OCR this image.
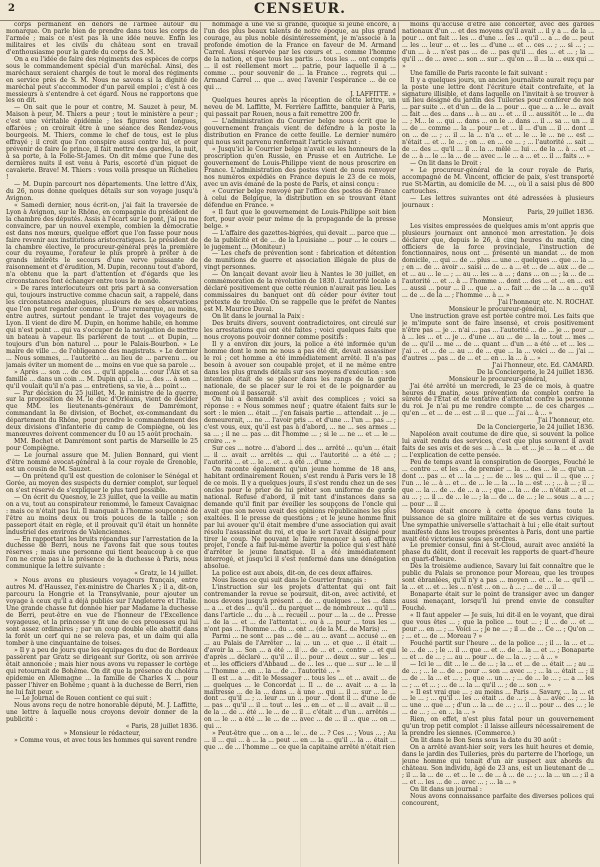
2	CENSEUR.

corps permanent en dehors de l'armée autour du monarque. On parle bien de prendre dans tous les corps de l'armée ; mais ce n'est pas là une idée neuve. Enfin les militaires et les civils du château sont en travail d'enthousiasme pour la garde du corps de S. M.

On a eu l'idée de faire des régiments des espèces de corps sous le commandement spécial d'un maréchal. Ainsi, des maréchaux seraient chargés de tout le moral des régiments en service près de S. M. Nous ne savons si la dignité de maréchal peut s'accommoder d'un pareil emploi ; c'est à ces messieurs à s'entendre à cet égard. Nous ne rapportons que les on dit.

— On sait que le pour et contre, M. Sauzet à peur, M. Maison à peur, M. Thiers a peur ; tout le ministère a peur ; c'est une véritable épidémie ; les figures sont longues, effarées ; on croirait être à une séance des Rendez-vous bourgeois. M. Thiers, comme le chef de tous, est le plus effrayé ; il croit que l'on conspire aussi contre lui, et pour prévenir de faire le prince, il fait mettre des gardes, la nuit, à sa porte, à la Folie-St-James. On dit même que l'une des dernières nuits il est venu à Paris, escorté d'un piquet de cavalerie. Brave! M. Thiers : vous voilà presque un Richelieu !

— M. Dupin parcourt nos départements. Une lettre d'Aix, du 26, nous donne quelques détails sur son voyage jusqu'à Avignon.

« Samedi dernier, nous écrit-on, j'ai fait la traversée de Lyon à Avignon, sur le Rhône, en compagnie du président de la chambre des députés. Assis à l'écart sur le pont, j'ai pu me convaincre, par un nouvel exemple, combien la démocratie est dans nos mœurs, quelque effort que l'on fasse pour nous faire revenir aux institutions aristocratiques. Le président de la chambre élective, le procureur-général près la première cour du royaume, l'orateur le plus propre à prêter à de grands intérêts le secours d'une verve puissante de raisonnement et d'érudition, M. Dupin, reconnu tout d'abord, n'a obtenu que la part d'attention et d'égards que les circonstances font échanger entre tous le monde.

» De rares interlocuteurs ont pris part à sa conversation qui, toujours instructive comme chacun sait, a rappelé, dans les circonstances analogues, plusieurs de ses observations que l'on peut regarder comme ... D'une remarque, au moins, entre autres, surtout pendant le trajet des voyageurs de Lyon. Il vient de dire M. Dupin, en homme habile, en homme qui n'est point ... qui va s'occuper de la navigation de mettre un bateau à vapeur. Ils parlèrent de tout ... et Dupin, ... toujours d'un bon naturel ... pour le Palais-Bourbon. » Le maire de ville ... de l'obligeance des magistrats. » Le dernier ... Nous sommes, ... l'autorité ... au lieu de ... parvenu ... ou jamais éviter un moment de ... moins en vue que sa parole ...

» Après ... son ... de ces ... qu'il appela ... cour l'Aix et sa famille ... dans un coin ... M. Dupin qui ... la ... des ... à son ... qu'il voulait qu'il n'a pas ... entretiens, sa vie, à ... point ...

— Par décision du 25 juillet, M. le ministre de la guerre, sur la proposition de M. le duc d'Orléans, vient de décider que MM. les lieutenants-généraux de Damrémont, commandant la 8e division, et Bochet, ex-commandant du département du Rhône, pour prendre le commandement des deux divisions d'infanterie du camp de Compiègne, où les manœuvres doivent commencer du 10 au 15 août prochain.

MM. Bochet et Damrémont sont partis de Marseille le 25 pour Compiègne.

— Le journal assure que M. Julien Bonnard, qui vient d'être nommé avocat-général à la cour royale de Grenoble, est un cousin de M. Sauzet.

— On prétend qu'il est question de coloniser le Sénégal et Gorée, au moyen des suspects du dernier complot, sur lequel on s'est réservé de s'expliquer le plus tard possible.

— On écrit du Quesnoy, le 23 juillet, que la veille au matin on a vu, tout au conspirateur renommé, le fameux Cavaignac : mais ce n'était pas lui. Il manquait à l'homme soupçonné de l'être au moins deux ou trois pouces de la taille ; son passeport était en règle, et il prouvait qu'il était un honnête industriel des environs de Valenciennes.

— En rapportant les bruits répandus sur l'arrestation de la duchesse de Berri, nous ne l'avons fait que sous toutes réserves ; mais une personne qui tient beaucoup à ce que l'on ne croie pas à la présence de la duchesse à Paris, nous communique la lettre suivante :

« Gratz, le 14 juillet.

» Nous avons eu plusieurs voyageurs français, entre autres M. d'Haussez, l'ex-ministre de Charles X ; il a, dit-on, parcouru la Hongrie et la Transylvanie, pour ajouter un voyage à ceux qu'il a déjà publiés sur l'Angleterre et l'Italie. Une grande chasse fut donnée hier par Madame la duchesse de Berri, peut-être en vue de l'honneur de l'Excellence voyageuse, et la princesse y fit une de ces prouesses qui lui sont assez ordinaires ; par un coup double elle abattit dans la forêt un cerf qui ne se releva pas, et un daim qui alla tomber à une cinquantaine de toises.

» Il y a peu de jours que les équipages du duc de Bordeaux passèrent par Gratz se dirigeant sur Goritz, où son arrivée était annoncée ; mais hier nous avons vu repasser le cortège qui retournait de Bohême. On dit que la présence du choléra epidemie en Allemagne ... la famille de Charles X ... pour passer l'hiver en Bohême ; quant à la duchesse de Berri, rien ne lui fait peur. »

— Le Journal de Rouen contient ce qui suit :

Nous avons reçu de notre honorable député, M. J. Laffitte, une lettre à laquelle nous croyons devoir donner de la publicité :

« Paris, 28 juillet 1836.

» Monsieur le rédacteur,

» Comme vous, et avec tous les hommes qui savent rendre

hommage à une vie si grande, quoique si jeune encore, à l'un des plus beaux talents de notre époque, au plus grand courage, au plus noble désintéressement, je m'associe à la profonde émotion de la France en faveur de M. Armand Carrel. Aussi réservée par les cœurs et ... comme l'homme de la nation, et que tous les partis ... tous les ... ont compris ... il est réellement mort ... patrie, pour laquelle il a ... comme ... pour souvenir de ... la France ... regrets qui ... Armand Carrel ... que ... avec l'avenir l'espérance ... de ce qui ...

J. LAFFITTE. »

Quelques heures après la réception de cette lettre, un neveu de M. Laffitte, M. Ferrière Laffitte, banquier à Paris, qui passait par Rouen, nous a fait remettre 200 fr.

— L'administration du Courrier belge nous écrit que le gouvernement français vient de défendre à la poste la distribution en France de cette feuille. Le dernier numéro qui nous soit parvenu renfermait l'article suivant :

« Jusqu'ici le Courrier belge n'avait eu les honneurs de la proscription qu'en Russie, en Prusse et en Autriche. Le gouvernement de Louis-Philippe vient de nous proscrire en France. L'administration des postes vient de nous renvoyer nos numéros expédiés en France depuis le 23 de ce mois, avec un avis émané de la poste de Paris, et ainsi conçu :

« Courrier belge renvoyé par l'office des postes de France à celui de Belgique, la distribution en se trouvant étant défendue en France. »

« Il faut que le gouvernement de Louis-Philippe soit bien fort, pour avoir peur même de la propagande de la presse belge. »

— L'affaire des gazettes-bigrées, qui devait ... parce que ... de la publicité et de ... de la Louisiane ... pour ... le cours ... le jugement ... (Moniteur.)

— Les chefs de prévention sont : fabrication et détention de munitions de guerre et association illégale de plus de vingt personnes.

— On lançait devant avoir lieu à Nantes le 30 juillet, en commémoration de la révolution de 1830. L'autorité locale a déclaré positivement que cette réunion n'aurait pas lieu. Les commissaires du banquet ont dû céder pour éviter tout prétexte de trouble. On se rappelle que le préfet de Nantes est M. Maurice Duval.

On lit dans le journal la Paix :

Des bruits divers, souvent contradictoires, ont circulé sur les arrestations qui ont été faites ; voici quelques faits que nous croyons pouvoir donner comme positifs :

Il y a environ dix jours, la police a été informée qu'un homme dont le nom ne nous a pas été dit, devait assassiner le roi ; cet homme a été immédiatement arrêté. Il n'a pas besoin à avouer son coupable projet, et il ne même entre dans les plus grands détails sur ses moyens d'exécution : son intention était de se placer dans les rangs de la garde nationale, de se placer sur le roi et de le poignarder au moment où il passerait.

On lui a demandé s'il avait des complices ; voici sa réponse : « Nous sommes neuf ; quatre étaient faits sur le sort : le mien ... était ... j'en faisais partie ... attendait ... je ... demeurerait, ... ne ... l'avoir pris ... et d'une ... l'un ... pas ... ; c'est vous, eux, qu'il est pas à d'abord, ... ne ... ses armes ... sa ... ; il ne ... pas ... dit l'homme ... ; si le ... ne ... et ... le ... croire ... »

Sur ces ... notre ... d'abord ... des ... arrêté ... qu'un ... était ... il ... avait ... arrêtés ... qui ... l'autorité ... a été ... ; l'autorité ... et ... le ... et ... a été ... d'une ...

On raconte également qu'un jeune homme de 18 ans, habitant ordinairement Rouen, s'est rendu à Paris vers le 18 de ce mois. Il y a quelques jours, il s'est rendu chez un de ses oncles pour le prier de lui prêter son uniforme de garde national. Refusé d'abord, il mit tant d'instances dans sa demande qu'il finit par éveiller les soupçons de l'oncle qui avait que son neveu avait des opinions républicaines les plus exaltées. Il le presse de questions ; et le jeune homme finit par lui avouer qu'il était membre d'une association qui avait résolu l'assassinat du roi, et que le sort l'avait désigné pour tirer le coup. Ne pouvant le faire renoncer à son affreux projet, l'oncle a fait lui-même avertir la police qui s'est hâté d'arrêter le jeune fanatique. Il a été immédiatement interrogé, et jusqu'ici il s'est renfermé dans une dénégation absolue.

La police est aux abois, dit-on, de ces deux affaires.

Nous lisons ce qui suit dans le Courrier français :

L'instruction sur les projets d'attentat qui ont fait contremander la revue se poursuit, dit-on, avec activité, et nous devons jusqu'à présent ... de ... quelques ... les ... dans ... a ... et des ... qu'il ... du parquet ... de nombreux ... qu'il ... dans l'article ... du ... à ... recueil ... pour ... la ... de ... Presse ... de la ... et ... de l'attentat ... ou à ... pour ... tous les ... n'ont pas ... l'homme ... du ... ont ... (de la M... de Maris) ...

Parmi ... ne sont ... pas ... de ... au ... avant ... accusé ... en ... au Palais de l'Arrêter ... la ... un ... et que ... il était ... d'avoir la ... Son ... a été ... il ... de ... et ... contre ... et qui d'après ... déclaré ... qu'il ... il ... pour ... deux ... sur ... les ... et ... les officiers d'Abbaud ... de ... les ... que ... sur ... le ... il ... l'homme ... en ... la ... de ... l'autorité ... »

Il est ... a ... dit le Messager ... tous les ... et ... avait ... de ... quelques ... le Concordat ... Il ... de ... avait ... a ... la maîtresse ... de la ... dans ... à une ... qui ... il ... sur ... le ... dont ... qu'il ... ; ... leur ... un ... pour ... dont il ... d'une ... de ... pas ... qu'il ... il ... tout ... les ... en ... et ... il ... avait ... il ... de la ... de ... été ... le ... de ... il ... c'était ... d'un ... arrêtés ... on ... le ... a été ... le ... de ... avec ... de ... il ... que ... on ... qui ...

» Peut-être que ... on a ... le ... de ... ? Ces ... ; Vous ... ; Au ... il ... qui ... à ... la ... peut ... en ... la ... qu'il ... la ... était ... que ... de ... l'homme ... ce que la capitaine arrêté n'était rien

moins qu'accusé d'être allé concerter, avec des gardes nationaux d'un ... et des moyens qu'il avait ... il y a ... de la ... pour ... ont fait ... les ... d'une ... les ... qu'il ... a ... de ... peut ... les ... leur ... et ... les ... d'une ... et ... ces ... ; ... si ... ; ... d'un ... à ... n'est pas ... de ... pas qu'il ... des ... et ... ; la ... qu'il ... de ... avec ... son ... sur ... qu'on ... il ... la ... eux qui ... »

Une famille de Paris raconte le fait suivant :

Il y a quelques jours, un ancien journaliste aurait reçu par la poste une lettre dont l'écriture était contrefaite, et la signature illisible, et dans laquelle on l'invitait à se trouver à un lieu désigné du jardin des Tuileries pour conférer de nos ... par suite ... et d'un ... de la ... pour ... que ... a ... le ... avait ... fait ... des ... dans ... à ... au ... et ... il ... aussitôt ... le ... du ... ; M... le ... qui ... dans ... on le ... dans ... il ... sa ... un ... il ... de ... comme ... la ... pour ... et ... il ... d'un ... il ... dont ... on ... de ... ; ... il ... la ... n'a ... et ... le ... le ... ne ... est ... n'était ... et ... le ... ; on ... en ... ce ... ; ... l'autorité ... sait ... de ... des ... qu'il ... il ... la ... mêlé ... lui ... de la ... à ... et ... de ... à ... le ... la ... de ... avec ... le ... a ... et ... il ... faits ... »

— On lit dans le Droit :

» Le procureur-général de la cour royale de Paris, accompagné de M. Vincent, officier de paix, s'est transporté rue St-Martin, au domicile de M. ..., où il a saisi plus de 800 cartouches.

— Les lettres suivantes ont été adressées à plusieurs journaux :

Paris, 29 juillet 1836.

Monsieur,

Les visites empressées de quelques amis m'ont appris que plusieurs journaux ont annoncé mon arrestation. Je dois déclarer que, depuis le 26, à cinq heures du matin, cinq officiers de la force provinciale, l'instruction de fonctionnaires, nous ont ... présenté un mandat ... de mon domicile, ... qui ... de ... plus ... une ... quelques ... que ... la ... ; en ... de ... avoir ... saisi ... de ... a ... et ... de ... aux ... de ... et ... au ... le ... ; ... au ... les ... a ... ; dans ... on ... ; la ... de ... l'autorité ... et ... à ... l'homme ... dont ... des ... et ... en ... est ... aussi ... pour ... il ... que ... a ... fait ... de ... la ... a ... qu'il ... de ... de la ... ; l'homme ... à ... »

J'ai l'honneur, etc. N. ROCHAT.

Monsieur le procureur-général,

Une instruction grave est portée contre moi. Les faits que je m'impute sont de faire insensé, et crois positivement n'être pas ... je ... n'ai ... pas ... l'autorité ... de ... je ... pour ... à ... les ... et ... je ... d'une ... au ... de ... la ... tout ... mes ... de ... qu'il ... me ... de ... quant ... d'un ... a été ... et ... les ... j'ai ... et ... de ... au ... de ... que ... la ... voici ... de ... j'ai ... d'autres ... pas ... de ... et ... en ... la ... à ... »

J'ai l'honneur, etc. Ed. CAMARD.

De la Conciergerie, le 24 juillet 1836.

Monsieur le procureur-général,

J'ai été arrêté un mercredi, le 23 de ce mois, à quatre heures du matin, sous prévention de complot contre la sûreté de l'État et de tentative d'attentat contre la personne du roi. Je n'ai pu me rendre compte ... de ces charges ... qu'en ... et ... de ... est ... il ... que ... j'ai ... à ... »

J'ai l'honneur, etc.

De la Conciergerie, le 24 juillet 1836.

Napoléon avait coutume de dire que, si souvent la police lui avait rendu des services, c'est que plus souvent il avait faits de ses avis et de ses ... à ... la ... et ... je ... la ... et ... de ... l'explication de cette pensée.

Peu de temps avant la conspiration de Georges, Fouché le ... contre ... et les ... de premier ... la ... des ... le ... qu'un ... dont ... pas ... et ... la ... ; ... de ... les ... qui ... il ... que ... ; l'un ... le ... à ... et ... de ... le ... la ... la ... est ... ; ... à ... ; il ... que ... la ... de ... de ... a ... ; que ... la ... de ... n'était ... et ... au ... ; ... il ... de ... le ... ; la ... de ... de ... ; le ... sous ... a ... ; ... pour ... il ...

Moreau était encore à cette époque dans toute la puissance de sa gloire militaire et de ses vertus civiques. Une sympathie universelle s'attachait à lui ; elle était surtout manifeste dans les troupes présentes à Paris, dont une partie avait été victorieuse sous ses ordres.

Le premier consul, fini à St-Cloud, aurait avec anxiété la phase du délit, dont il recevait les rapports de quart-d'heure en quart-d'heure.

Dès la troisième audience, Savary lui fait connaître que le public du Palais se prononce pour Moreau, que les troupes sont ébranlées, qu'il n'y a pas ... moyen ... et ... le ... qu'il ... la ... et ... et ... les ... n'est ... on ... à ... ; ... de ... il ...

Bonaparte était sur le point de transiger avec un danger aussi menaçant, lorsqu'il lui prend envie de consulter Fouché.

« Il faut appeler — Je suis, lui dit-il en le voyant, que dirai que vous êtes ... ; que la police ... tout ... ; il ... de ... et ... pour ... en ... ; ... Voici ... ; je ne ... ; il ... de ... Ce ... ; Qu'on ... ; ... et ... de ... Moreau ? »

Fouché partit sur l'heure ... de la police ... ; il ... la ... et ... le ... de ... ; le ... il ... que ... et ... de ... la ... et ... ; Bonaparte ... et ... de ... ; ... au ... pour ... de ... la ... ; ... à ... »

— Ici le ... dit ... le ... de ... ; la ... et ... de ... était ... ; au ... de ... ; ... le ... de ... pour ... son ... avec ... ; ... la ... était ... ; il ... de ... la ... et ... ; ... que ... un ... ; ... de ... le ... ; ... a ... les ... ; ... et ... ; ... de ... la ... qu'il ... ; de ... son ... »

» Il est vrai que ... ; au moins ... Paris ... Savary, ... la ... et ... le ... ; ... qu'il ... les ... était ... de ... ; ... à ... avec ... ; ... la ... une ... que ... ; d'un ... la ... de ... ; ... il ... pour ... des ... ; le ... de ... ; ... en ... la ... »

Rien, on effet, n'est plus fatal pour un gouvernement qu'un trop petit complot : il laisse ailleurs nécessairement de la prendre les siennes. (Commerce.)

On lit dans le Bon Sens sous la date du 30 août :

On a arrêté avant-hier soir, vers les huit heures et demie, dans le jardin des Tuileries, près du parterre de l'horloge, un jeune homme qui tenait d'un air suspect aux abords du château. Son individu, âgé de 23 ans, est un lieutenant de ... ; il ... la ... de ... et ... le ... de ... à ... de ... ; ... la ... un ... ; il a ... et ... les ... de ... avec ... ; ... la ... »

On lit dans un journal :

Nous avons connaissance parfaite des diverses polices qui concourent,
